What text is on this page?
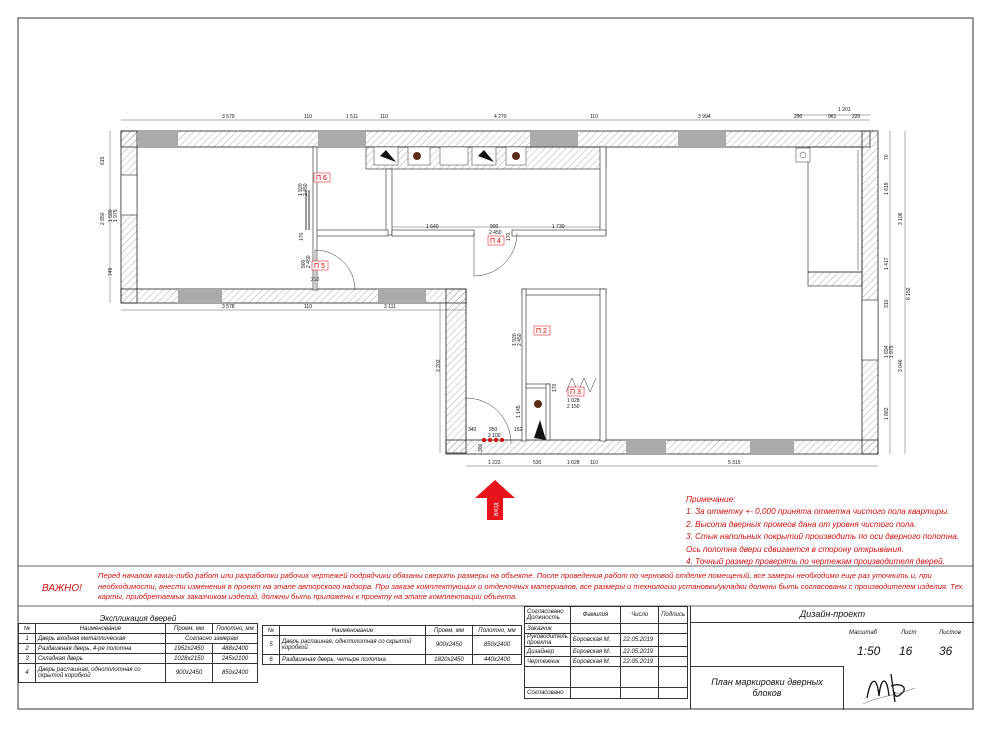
3 579	110	1 511	110	4 270	110	3 994	290
1 201
961	220
3 578	110	3 111
1 222	530	1 028 110	5 315
615
2 950 1 590 1 975
749
70
1 619
3 106
1 417
8 152
310
1 694 1 975
3 046
1 882
1 640	900
2 450 170
1 730
1 920 2 450
210
900 2 450
170
2 450
1 920
1 028
2 150
170
1 145
950
2 100
340	152
300
3 202
П 6
П 5
П 4
П 2
П 3
ВХОД
Примечание:
1. За отметку +- 0,000 принята отметка чистого пола квартиры.
2. Высота дверных промеов дана от уровня чистого пола.
3. Стык напольных покрытий производить по оси дверного полотна.
Ось полотна двери сдвигается в сторону открывания.
4. Точный размер проверять по чертежам производителя дверей.
ВАЖНО!
Перед началом каких-либо работ или разработки рабочих чертежей подрядчики обязаны сверить размеры на объекте. После проведения работ по черновой отделке помещений, все замеры необходимо еще раз уточнить и, при необходимости, внести изменения в проект на этапе авторского надзора. При заказе комплектующих и отделочных материалов, все размеры и технологии установки/укладки должны быть согласованы с производителем изделия. Тех. карты, приобретаемых заказчиком изделий, должны быть приложены к проекту на этапе комплектации объекта.
Экспликация дверей			
№	Наименование	Проем, мм	Полотно, мм
1	Дверь входная металлическая	Согласно замерам	
2	Раздвижная дверь, 4-ре полотна	1952x2450	488x2400
3	Складная дверь	1028x2150	245x2100
4	Дверь распашная, однополотная со скрытой коробкой	900x2450	850x2400
№	Наименование	Проем, мм	Полотно, мм
5	Дверь распашная, однополотная со скрытой коробкой	900x2450	850x2400
6	Раздвижная дверь, четыре полотна	1820x2450	440x2400
Согласовано
Должность	Фамилия	Число	Подпись
Заказчик			
Руководитель проекта	Боровская М.	22.05.2019	
Дизайнер	Боровская М.	22.05.2019	
Чертежник	Боровская М.	22.05.2019	

Согласовано			
Дизайн-проект
Масштаб	Лист	Листов
1:50 16 36
План маркировки дверных блоков
